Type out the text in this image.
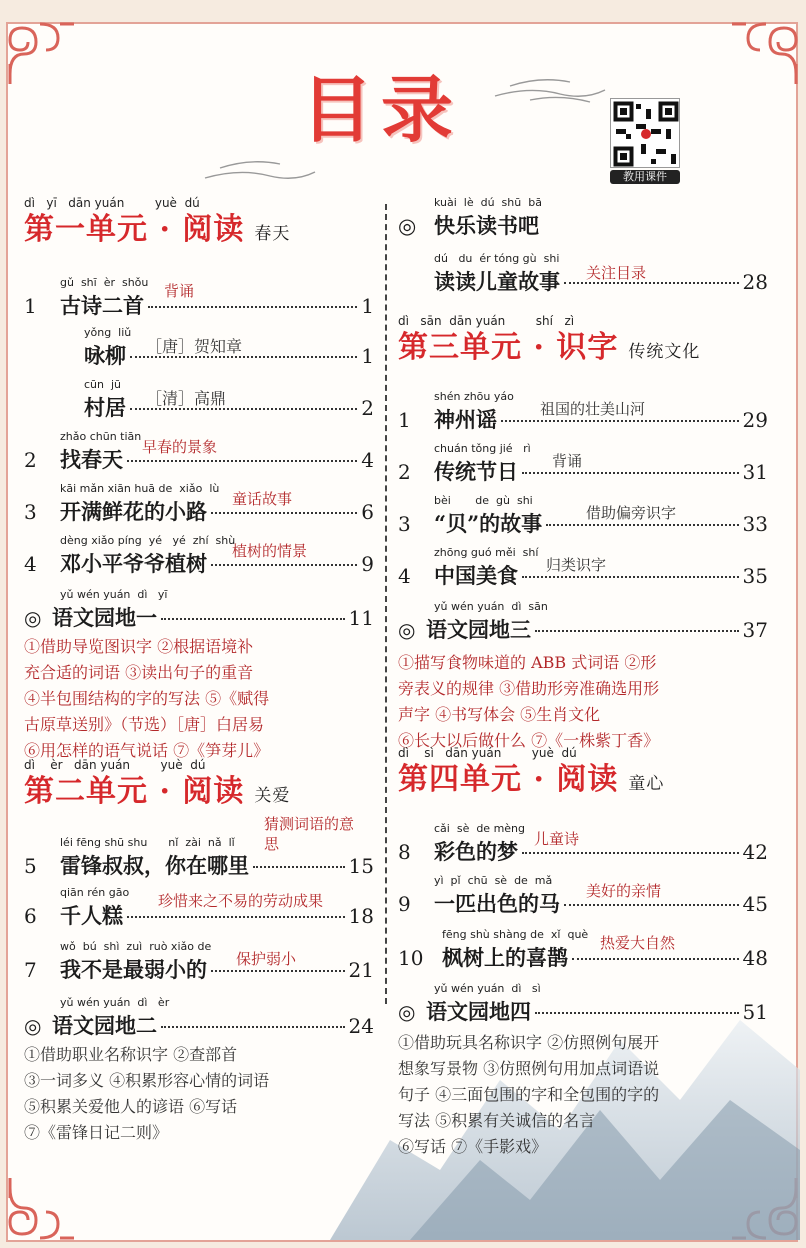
目录
教用课件
dì   yī   dān yuán        yuè  dú
第一单元 · 阅读 春天
gǔ  shī  èr  shǒu
1	古诗二首	1
背诵
yǒng  liǔ
咏柳	1
［唐］贺知章
cūn  jū
村居	2
［清］高鼎
zhǎo chūn tiān
2	找春天	4
早春的景象
kāi mǎn xiān huā de  xiǎo  lù
3	开满鲜花的小路	6
童话故事
dèng xiǎo píng  yé   yé  zhí  shù
4	邓小平爷爷植树	9
植树的情景
yǔ wén yuán  dì   yī
◎ 语文园地一	11
①借助导览图识字 ②根据语境补
充合适的词语 ③读出句子的重音
④半包围结构的字的写法 ⑤《赋得
古原草送别》（节选）［唐］白居易
⑥用怎样的语气说话 ⑦《笋芽儿》
dì    èr   dān yuán        yuè  dú
第二单元 · 阅读 关爱
léi fēng shū shu      nǐ  zài  nǎ  lǐ
5	雷锋叔叔，你在哪里	15
猜测词语的意思
qiān rén gāo
6	千人糕	18
珍惜来之不易的劳动成果
wǒ  bú  shì  zuì  ruò xiǎo de
7	我不是最弱小的	21
保护弱小
yǔ wén yuán  dì   èr
◎ 语文园地二	24
①借助职业名称识字 ②查部首
③一词多义 ④积累形容心情的词语
⑤积累关爱他人的谚语 ⑥写话
⑦《雷锋日记二则》
kuài  lè  dú  shū  bā
◎ 快乐读书吧
dú   du  ér tóng gù  shi
读读儿童故事	28
关注目录
dì   sān  dān yuán        shí   zì
第三单元 · 识字 传统文化
shén zhōu yáo
1	神州谣	29
祖国的壮美山河
chuán tǒng jié   rì
2	传统节日	31
背诵
bèi       de  gù  shi
3	“贝”的故事	33
借助偏旁识字
zhōng guó měi  shí
4	中国美食	35
归类识字
yǔ wén yuán  dì  sān
◎ 语文园地三	37
①描写食物味道的 ABB 式词语 ②形
旁表义的规律 ③借助形旁准确选用形
声字 ④书写体会 ⑤生肖文化
⑥长大以后做什么 ⑦《一株紫丁香》
dì    sì   dān yuán        yuè  dú
第四单元 · 阅读 童心
cǎi  sè  de mèng
8	彩色的梦	42
儿童诗
yì  pǐ  chū  sè  de  mǎ
9	一匹出色的马	45
美好的亲情
fēng shù shàng de  xǐ  què
10 枫树上的喜鹊	48
热爱大自然
yǔ wén yuán  dì   sì
◎ 语文园地四	51
①借助玩具名称识字 ②仿照例句展开
想象写景物 ③仿照例句用加点词语说
句子 ④三面包围的字和全包围的字的
写法 ⑤积累有关诚信的名言
⑥写话 ⑦《手影戏》
